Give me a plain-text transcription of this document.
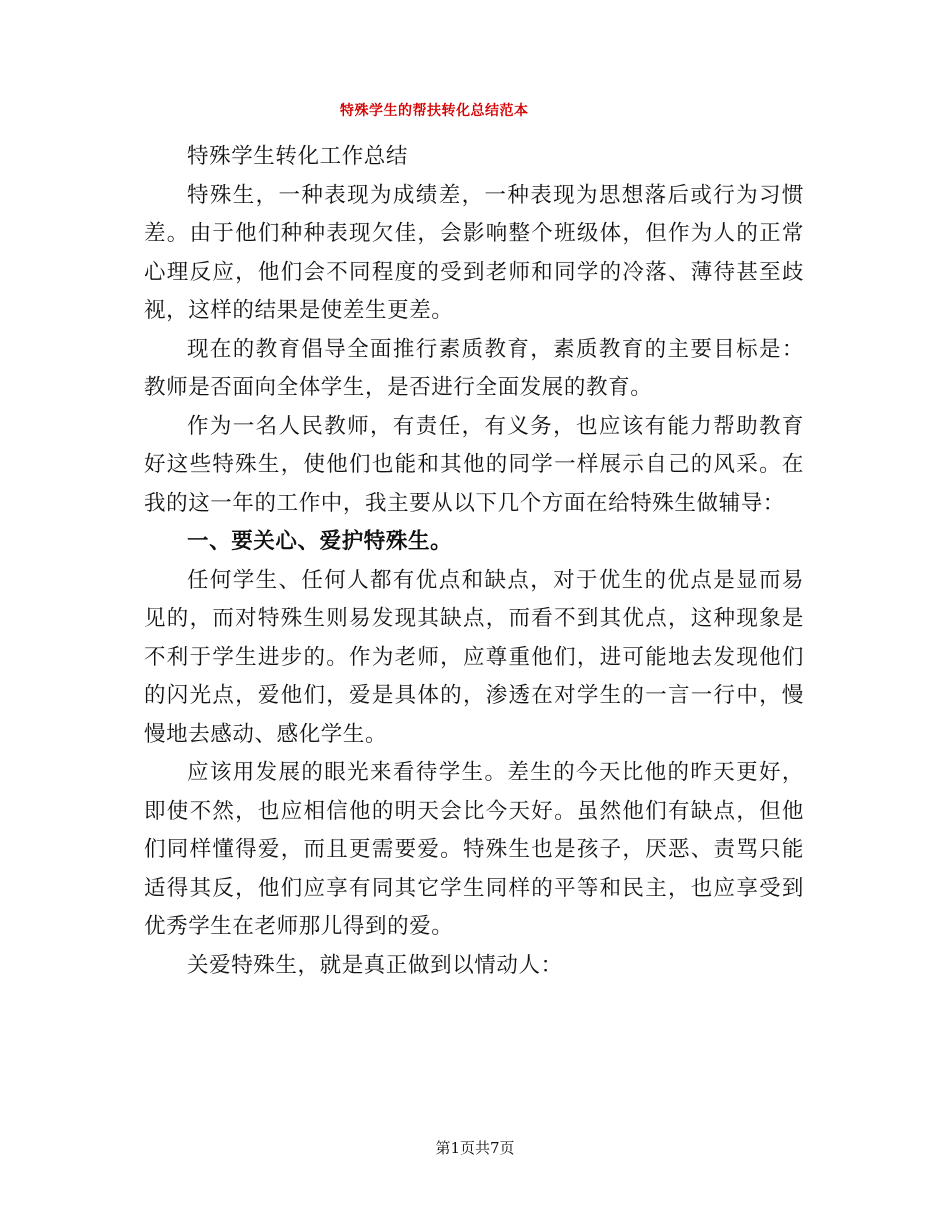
特殊学生的帮扶转化总结范本

特殊学生转化工作总结

特殊生，一种表现为成绩差，一种表现为思想落后或行为习惯差。由于他们种种表现欠佳，会影响整个班级体，但作为人的正常心理反应，他们会不同程度的受到老师和同学的冷落、薄待甚至歧视，这样的结果是使差生更差。

现在的教育倡导全面推行素质教育，素质教育的主要目标是：教师是否面向全体学生，是否进行全面发展的教育。

作为一名人民教师，有责任，有义务，也应该有能力帮助教育好这些特殊生，使他们也能和其他的同学一样展示自己的风采。在我的这一年的工作中，我主要从以下几个方面在给特殊生做辅导：

一、要关心、爱护特殊生。

任何学生、任何人都有优点和缺点，对于优生的优点是显而易见的，而对特殊生则易发现其缺点，而看不到其优点，这种现象是不利于学生进步的。作为老师，应尊重他们，进可能地去发现他们的闪光点，爱他们，爱是具体的，渗透在对学生的一言一行中，慢慢地去感动、感化学生。

应该用发展的眼光来看待学生。差生的今天比他的昨天更好，即使不然，也应相信他的明天会比今天好。虽然他们有缺点，但他们同样懂得爱，而且更需要爱。特殊生也是孩子，厌恶、责骂只能适得其反，他们应享有同其它学生同样的平等和民主，也应享受到优秀学生在老师那儿得到的爱。

关爱特殊生，就是真正做到以情动人：

第1页共7页
